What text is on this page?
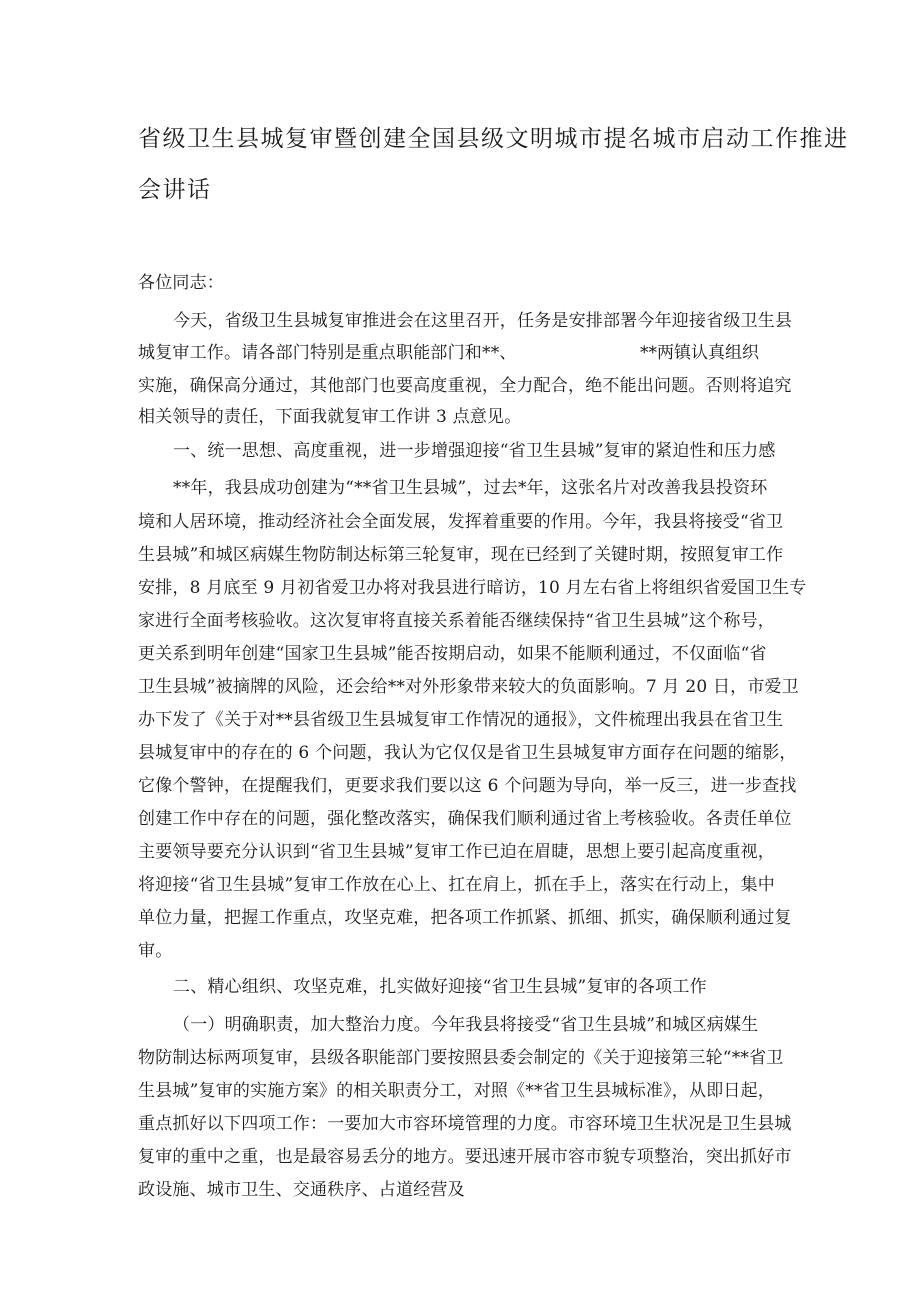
省级卫生县城复审暨创建全国县级文明城市提名城市启动工作推进
会讲话
各位同志：
今天，省级卫生县城复审推进会在这里召开，任务是安排部署今年迎接省级卫生县
城复审工作。请各部门特别是重点职能部门和**、	**两镇认真组织
实施，确保高分通过，其他部门也要高度重视，全力配合，绝不能出问题。否则将追究
相关领导的责任，下面我就复审工作讲 3 点意见。
一、统一思想、高度重视，进一步增强迎接“省卫生县城”复审的紧迫性和压力感
**年，我县成功创建为“**省卫生县城”，过去*年，这张名片对改善我县投资环
境和人居环境，推动经济社会全面发展，发挥着重要的作用。今年，我县将接受“省卫
生县城”和城区病媒生物防制达标第三轮复审，现在已经到了关键时期，按照复审工作
安排，8 月底至 9 月初省爱卫办将对我县进行暗访，10 月左右省上将组织省爱国卫生专
家进行全面考核验收。这次复审将直接关系着能否继续保持“省卫生县城”这个称号，
更关系到明年创建“国家卫生县城”能否按期启动，如果不能顺利通过，不仅面临“省
卫生县城”被摘牌的风险，还会给**对外形象带来较大的负面影响。7 月 20 日，市爱卫
办下发了《关于对**县省级卫生县城复审工作情况的通报》，文件梳理出我县在省卫生
县城复审中的存在的 6 个问题，我认为它仅仅是省卫生县城复审方面存在问题的缩影，
它像个警钟，在提醒我们，更要求我们要以这 6 个问题为导向，举一反三，进一步查找
创建工作中存在的问题，强化整改落实，确保我们顺利通过省上考核验收。各责任单位
主要领导要充分认识到“省卫生县城”复审工作已迫在眉睫，思想上要引起高度重视，
将迎接“省卫生县城”复审工作放在心上、扛在肩上，抓在手上，落实在行动上，集中
单位力量，把握工作重点，攻坚克难，把各项工作抓紧、抓细、抓实，确保顺利通过复
审。
二、精心组织、攻坚克难，扎实做好迎接“省卫生县城”复审的各项工作
（一）明确职责，加大整治力度。今年我县将接受“省卫生县城”和城区病媒生
物防制达标两项复审，县级各职能部门要按照县委会制定的《关于迎接第三轮“**省卫
生县城”复审的实施方案》的相关职责分工，对照《**省卫生县城标准》，从即日起，
重点抓好以下四项工作：一要加大市容环境管理的力度。市容环境卫生状况是卫生县城
复审的重中之重，也是最容易丢分的地方。要迅速开展市容市貌专项整治，突出抓好市
政设施、城市卫生、交通秩序、占道经营及
